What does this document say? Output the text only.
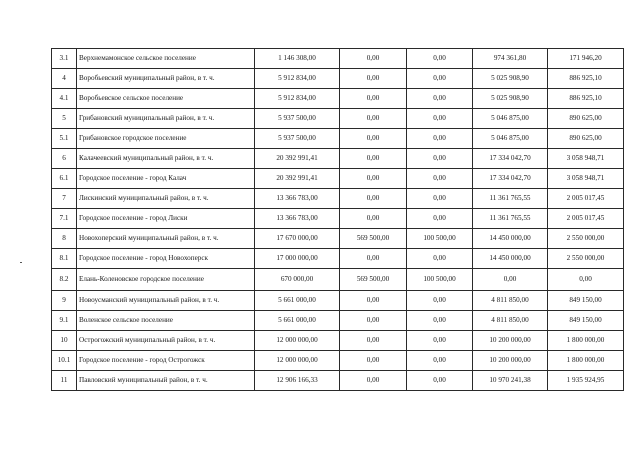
3.1	Верхнемамонское сельское поселение	1 146 308,00	0,00	0,00	974 361,80	171 946,20
4	Воробьевский муниципальный район, в т. ч.	5 912 834,00	0,00	0,00	5 025 908,90	886 925,10
4.1	Воробьевское сельское поселение	5 912 834,00	0,00	0,00	5 025 908,90	886 925,10
5	Грибановский муниципальный район, в т. ч.	5 937 500,00	0,00	0,00	5 046 875,00	890 625,00
5.1	Грибановское городское поселение	5 937 500,00	0,00	0,00	5 046 875,00	890 625,00
6	Калачеевский муниципальный район, в т. ч.	20 392 991,41	0,00	0,00	17 334 042,70	3 058 948,71
6.1	Городское поселение - город Калач	20 392 991,41	0,00	0,00	17 334 042,70	3 058 948,71
7	Лискинский муниципальный район, в т. ч.	13 366 783,00	0,00	0,00	11 361 765,55	2 005 017,45
7.1	Городское поселение - город Лиски	13 366 783,00	0,00	0,00	11 361 765,55	2 005 017,45
8	Новохоперский муниципальный район, в т. ч.	17 670 000,00	569 500,00	100 500,00	14 450 000,00	2 550 000,00
8.1	Городское поселение - город Новохоперск	17 000 000,00	0,00	0,00	14 450 000,00	2 550 000,00
8.2	Елань-Коленовское городское поселение	670 000,00	569 500,00	100 500,00	0,00	0,00
9	Новоусманский муниципальный район, в т. ч.	5 661 000,00	0,00	0,00	4 811 850,00	849 150,00
9.1	Воленское сельское поселение	5 661 000,00	0,00	0,00	4 811 850,00	849 150,00
10	Острогожский муниципальный район, в т. ч.	12 000 000,00	0,00	0,00	10 200 000,00	1 800 000,00
10.1	Городское поселение - город Острогожск	12 000 000,00	0,00	0,00	10 200 000,00	1 800 000,00
11	Павловский муниципальный район, в т. ч.	12 906 166,33	0,00	0,00	10 970 241,38	1 935 924,95
